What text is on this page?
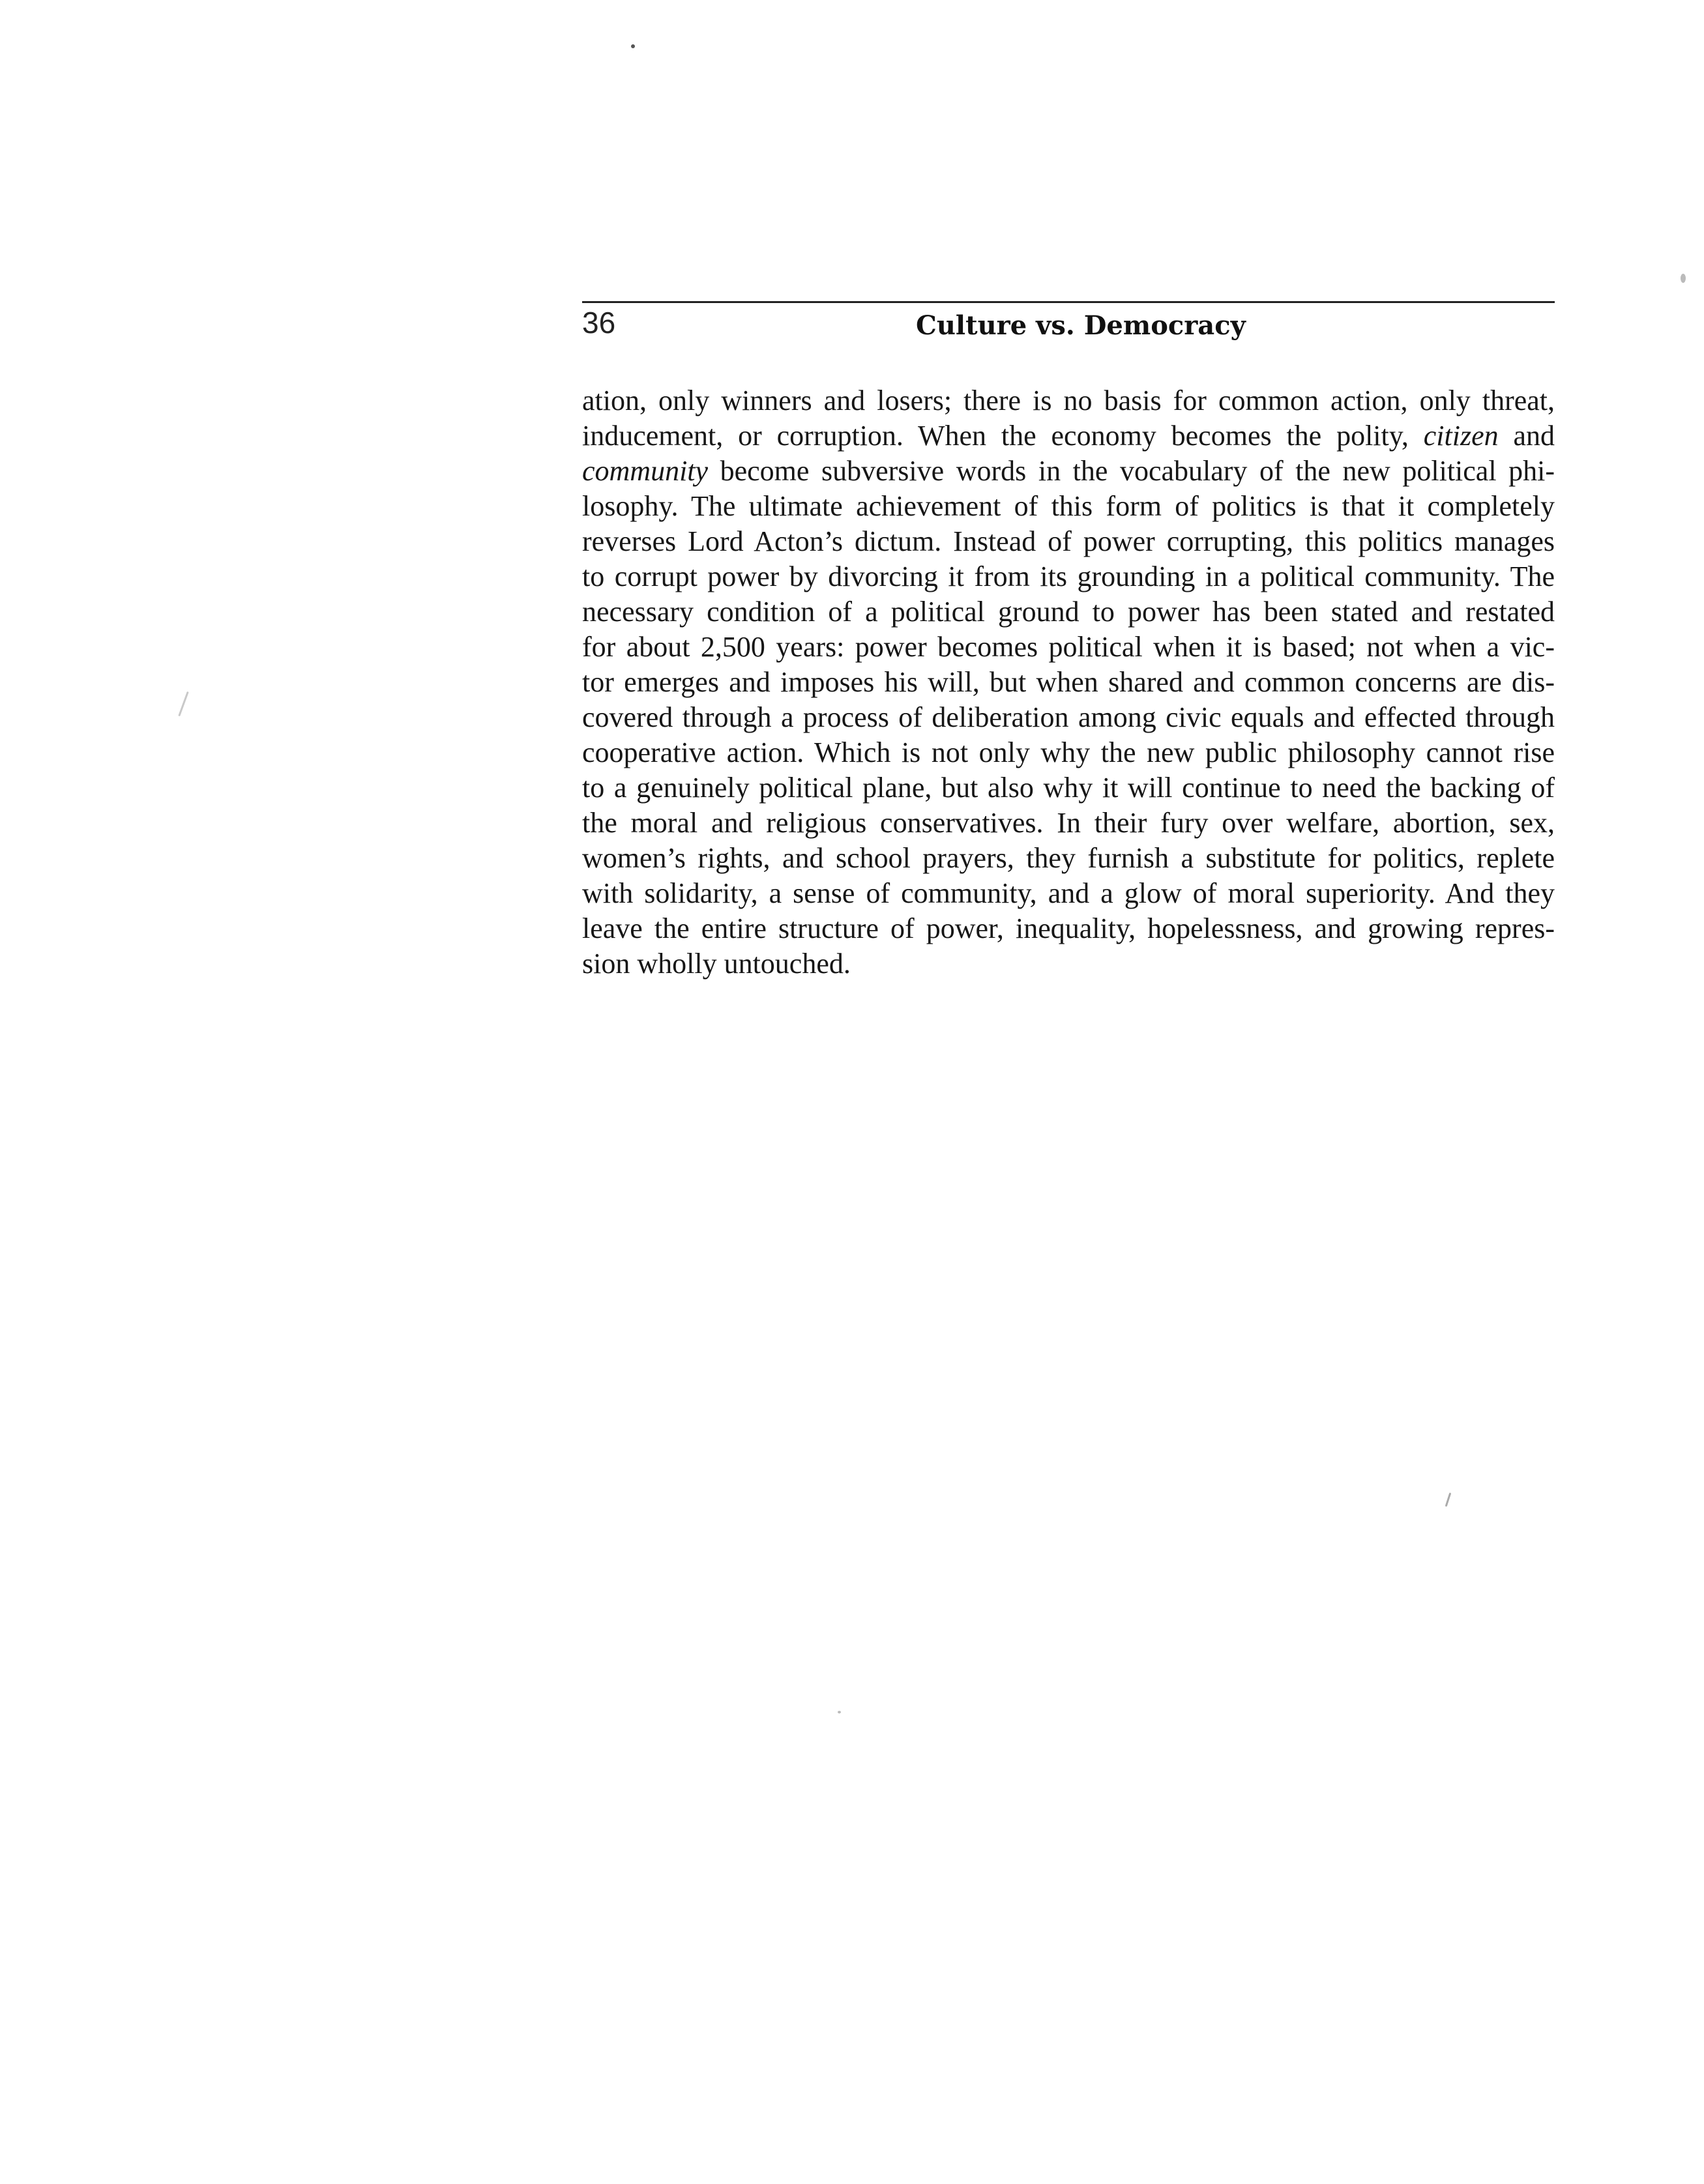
36	Culture vs. Democracy
ation, only winners and losers; there is no basis for common action, only threat,
inducement, or corruption. When the economy becomes the polity, citizen and
community become subversive words in the vocabulary of the new political phi-
losophy. The ultimate achievement of this form of politics is that it completely
reverses Lord Acton’s dictum. Instead of power corrupting, this politics manages
to corrupt power by divorcing it from its grounding in a political community. The
necessary condition of a political ground to power has been stated and restated
for about 2,500 years: power becomes political when it is based; not when a vic-
tor emerges and imposes his will, but when shared and common concerns are dis-
covered through a process of deliberation among civic equals and effected through
cooperative action. Which is not only why the new public philosophy cannot rise
to a genuinely political plane, but also why it will continue to need the backing of
the moral and religious conservatives. In their fury over welfare, abortion, sex,
women’s rights, and school prayers, they furnish a substitute for politics, replete
with solidarity, a sense of community, and a glow of moral superiority. And they
leave the entire structure of power, inequality, hopelessness, and growing repres-
sion wholly untouched.
